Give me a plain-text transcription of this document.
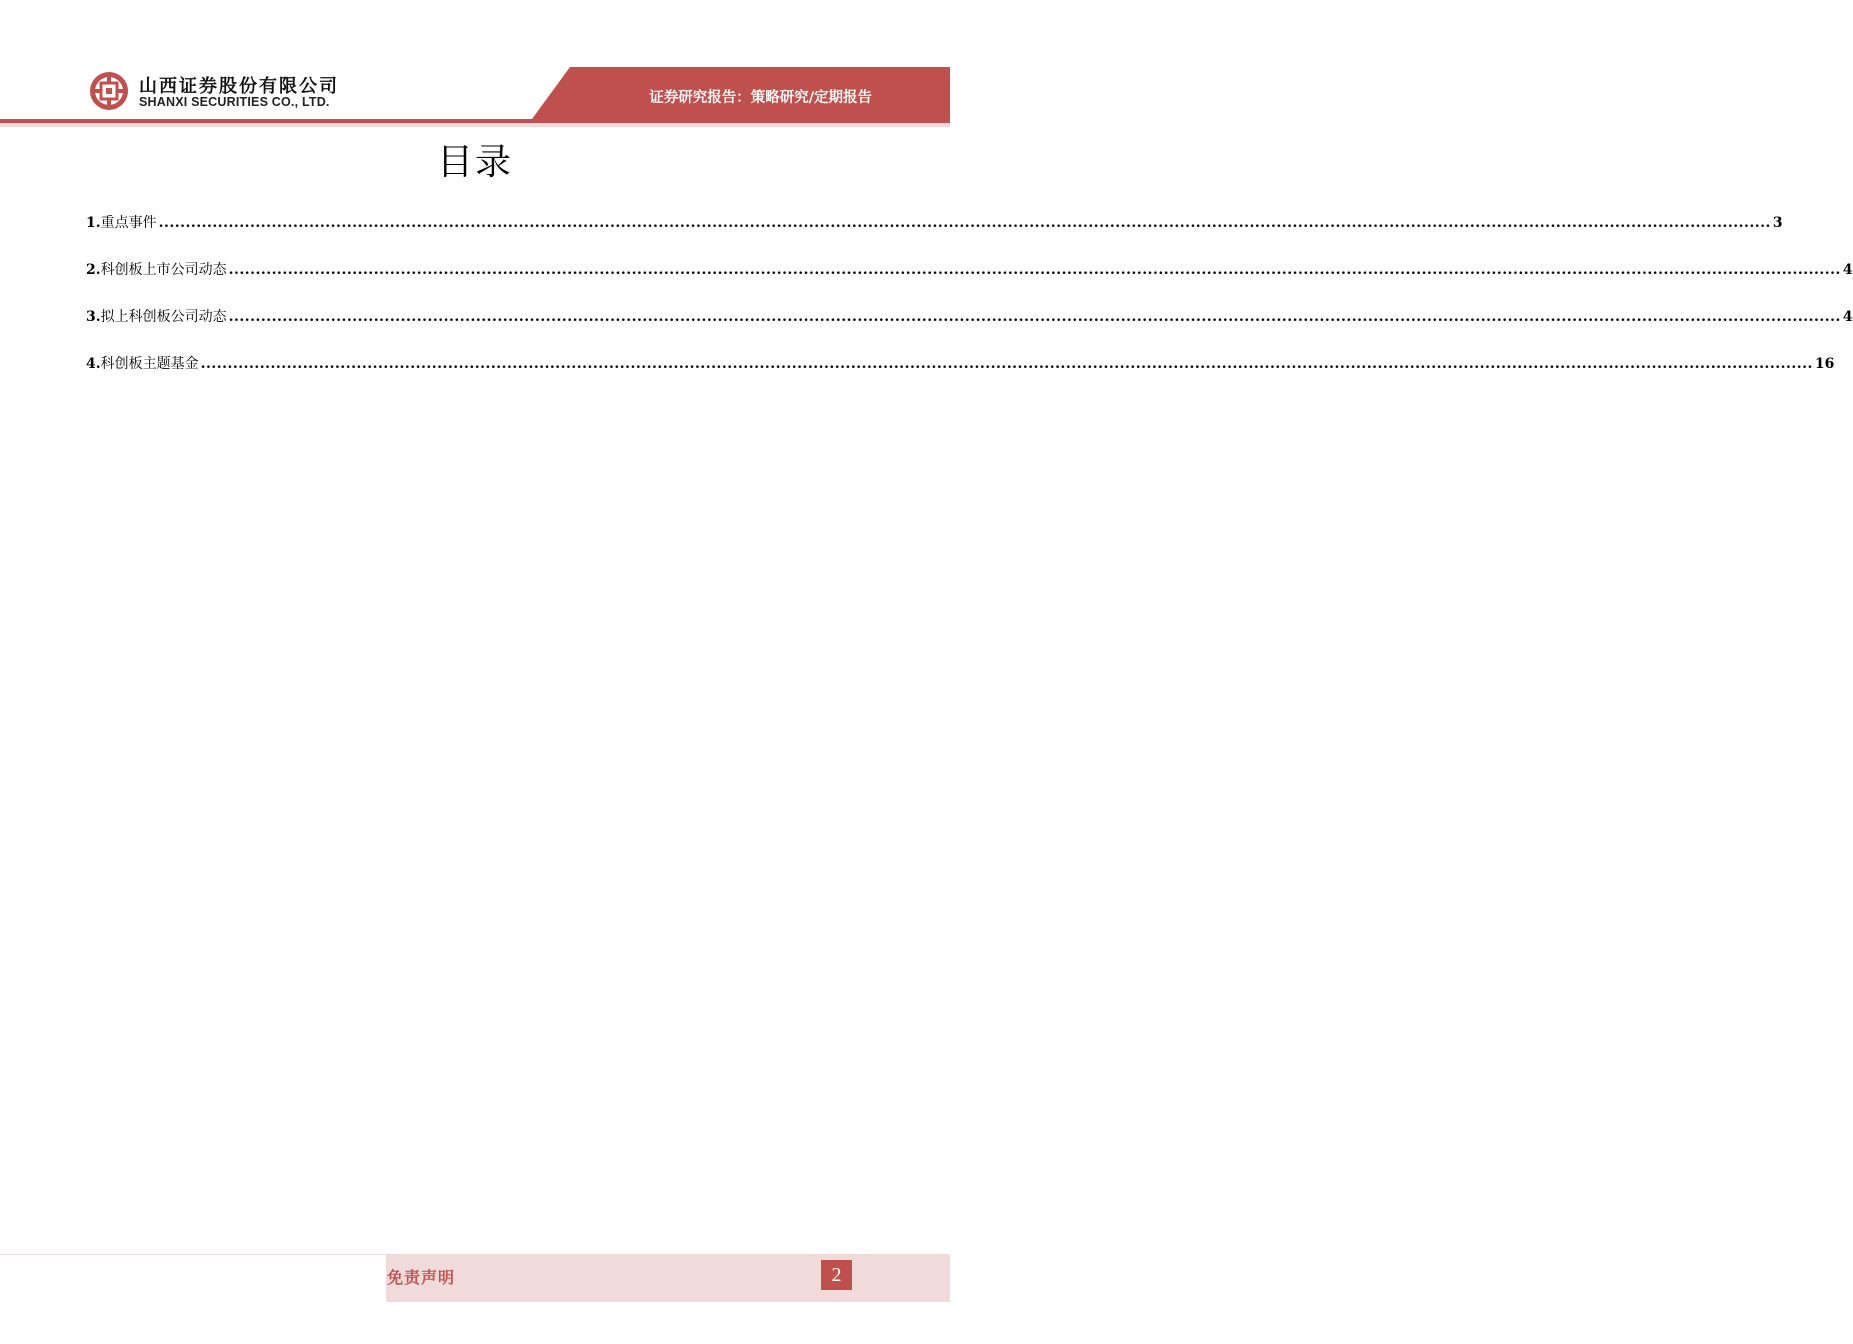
山西证券股份有限公司
SHANXI SECURITIES CO., LTD.	证券研究报告：策略研究/定期报告
目录
1.重点事件 ............................................................................................................................................................................................................................................................................................................ 3
2.科创板上市公司动态 ............................................................................................................................................................................................................................................................................................................ 4
3.拟上科创板公司动态 ............................................................................................................................................................................................................................................................................................................ 4
4.科创板主题基金 ............................................................................................................................................................................................................................................................................................................ 16
免责声明	2
